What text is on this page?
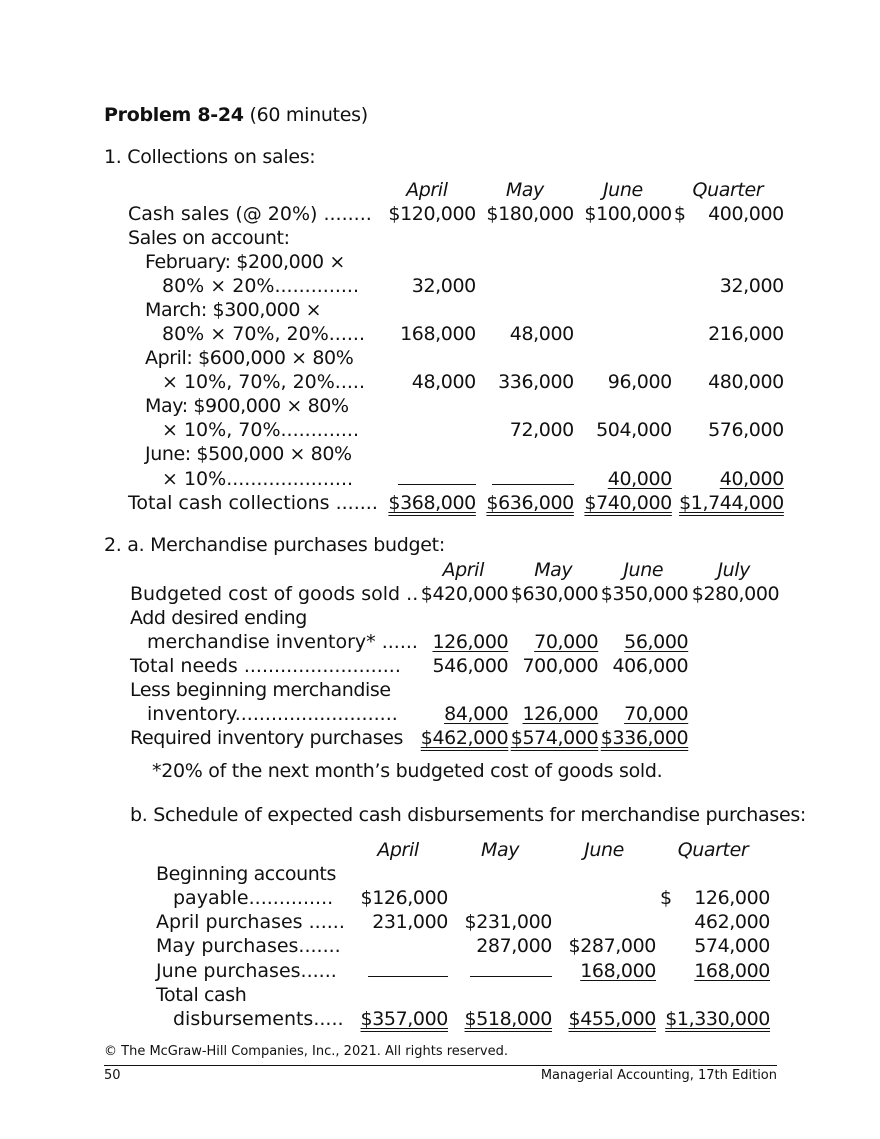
Problem 8-24 (60 minutes)
1. Collections on sales:
	April	May	June	Quarter
Cash sales (@ 20%) ........	$120,000	$180,000	$100,000	$    400,000
Sales on account:				
February: $200,000 ×				
80% × 20%..............	32,000			32,000
March: $300,000 ×				
80% × 70%, 20%......	168,000	48,000		216,000
April: $600,000 × 80%				
× 10%, 70%, 20%.....	48,000	336,000	96,000	480,000
May: $900,000 × 80%				
× 10%, 70%.............		72,000	504,000	576,000
June: $500,000 × 80%				
× 10%.....................			40,000	40,000
Total cash collections .......	$368,000	$636,000	$740,000	$1,744,000
2. a. Merchandise purchases budget:
	April	May	June	July
Budgeted cost of goods sold ..	$420,000	$630,000	$350,000	$280,000
Add desired ending				
merchandise inventory* ......	126,000	70,000	56,000	
Total needs ..........................	546,000	700,000	406,000	
Less beginning merchandise				
inventory...........................	84,000	126,000	70,000	
Required inventory purchases	$462,000	$574,000	$336,000	
*20% of the next month’s budgeted cost of goods sold.
b. Schedule of expected cash disbursements for merchandise purchases:
	April	May	June	Quarter
Beginning accounts				
payable..............	$126,000			$    126,000
April purchases ......	231,000	$231,000		462,000
May purchases.......		287,000	$287,000	574,000
June purchases......			168,000	168,000
Total cash				
disbursements.....	$357,000	$518,000	$455,000	$1,330,000
© The McGraw-Hill Companies, Inc., 2021. All rights reserved.
50	Managerial Accounting, 17th Edition
